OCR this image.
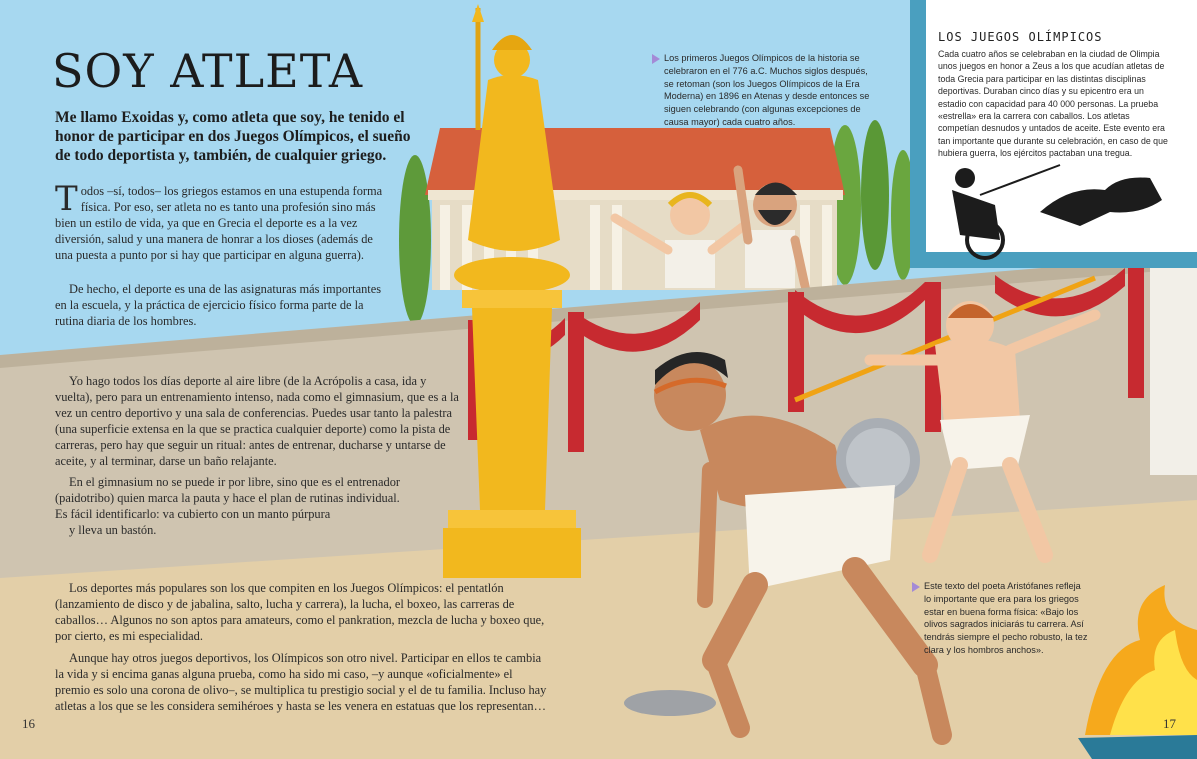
SOY ATLETA
Me llamo Exoidas y, como atleta que soy, he tenido el honor de participar en dos Juegos Olímpicos, el sueño de todo deportista y, también, de cualquier griego.
Todos –sí, todos– los griegos estamos en una estupenda forma física. Por eso, ser atleta no es tanto una profesión sino más bien un estilo de vida, ya que en Grecia el deporte es a la vez diversión, salud y una manera de honrar a los dioses (además de una puesta a punto por si hay que participar en alguna guerra).
De hecho, el deporte es una de las asignaturas más importantes en la escuela, y la práctica de ejercicio físico forma parte de la rutina diaria de los hombres.
Yo hago todos los días deporte al aire libre (de la Acrópolis a casa, ida y vuelta), pero para un entrenamiento intenso, nada como el gimnasium, que es a la vez un centro deportivo y una sala de conferencias. Puedes usar tanto la palestra (una superficie extensa en la que se practica cualquier deporte) como la pista de carreras, pero hay que seguir un ritual: antes de entrenar, ducharse y untarse de aceite, y al terminar, darse un baño relajante.
En el gimnasium no se puede ir por libre, sino que es el entrenador (paidotribo) quien marca la pauta y hace el plan de rutinas individual. Es fácil identificarlo: va cubierto con un manto púrpura
y lleva un bastón.
Los deportes más populares son los que compiten en los Juegos Olímpicos: el pentatlón (lanzamiento de disco y de jabalina, salto, lucha y carrera), la lucha, el boxeo, las carreras de caballos… Algunos no son aptos para amateurs, como el pankration, mezcla de lucha y boxeo que, por cierto, es mi especialidad.
Aunque hay otros juegos deportivos, los Olímpicos son otro nivel. Participar en ellos te cambia la vida y si encima ganas alguna prueba, como ha sido mi caso, –y aunque «oficialmente» el premio es solo una corona de olivo–, se multiplica tu prestigio social y el de tu familia. Incluso hay atletas a los que se les considera semihéroes y hasta se les venera en estatuas que los representan…
Los primeros Juegos Olímpicos de la historia se celebraron en el 776 a.C. Muchos siglos después, se retoman (son los Juegos Olímpicos de la Era Moderna) en 1896 en Atenas y desde entonces se siguen celebrando (con algunas excepciones de causa mayor) cada cuatro años.
Este texto del poeta Aristófanes refleja lo importante que era para los griegos estar en buena forma física: «Bajo los olivos sagrados iniciarás tu carrera. Así tendrás siempre el pecho robusto, la tez clara y los hombros anchos».
LOS JUEGOS OLÍMPICOS
Cada cuatro años se celebraban en la ciudad de Olimpia unos juegos en honor a Zeus a los que acudían atletas de toda Grecia para participar en las distintas disciplinas deportivas. Duraban cinco días y su epicentro era un estadio con capacidad para 40 000 personas. La prueba «estrella» era la carrera con caballos. Los atletas competían desnudos y untados de aceite. Este evento era tan importante que durante su celebración, en caso de que hubiera guerra, los ejércitos pactaban una tregua.
16	17
